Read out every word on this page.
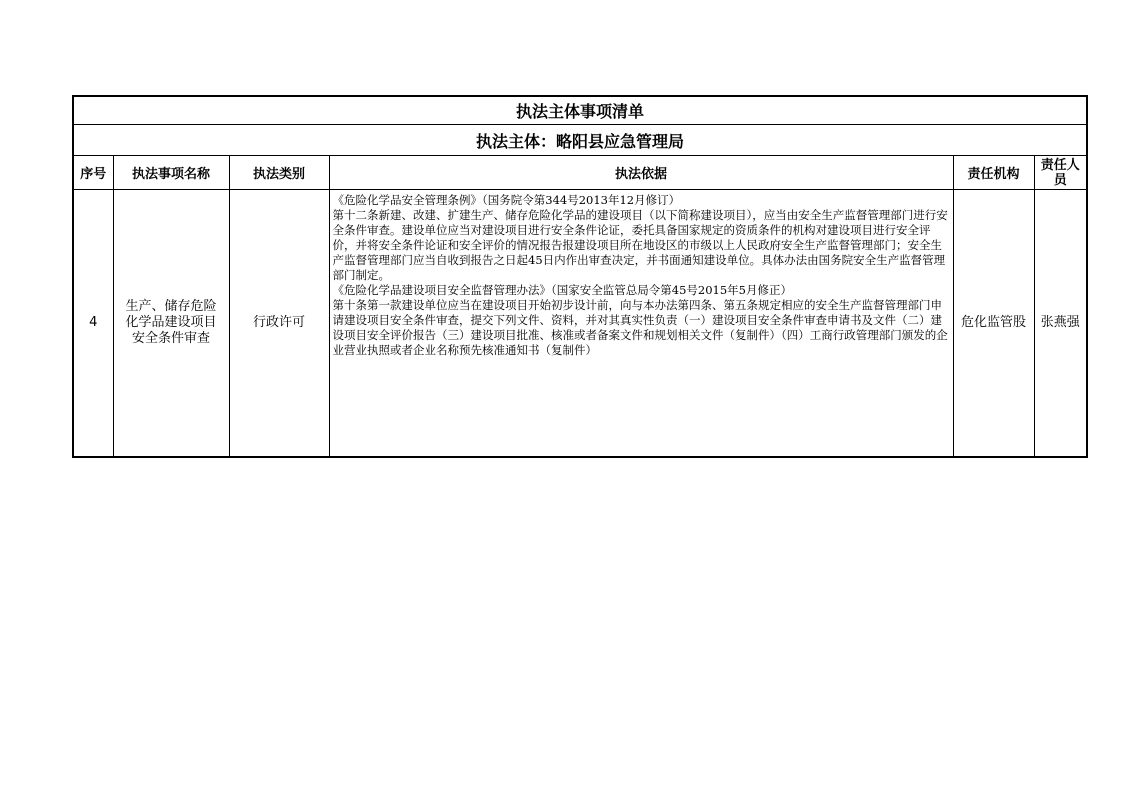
执法主体事项清单					
执法主体：略阳县应急管理局					
序号	执法事项名称	执法类别	执法依据	责任机构	责任人员
4	生产、储存危险化学品建设项目安全条件审查	行政许可	《危险化学品安全管理条例》（国务院令第344号2013年12月修订）

第十二条新建、改建、扩建生产、储存危险化学品的建设项目（以下简称建设项目），应当由安全生产监督管理部门进行安全条件审查。建设单位应当对建设项目进行安全条件论证，委托具备国家规定的资质条件的机构对建设项目进行安全评价，并将安全条件论证和安全评价的情况报告报建设项目所在地设区的市级以上人民政府安全生产监督管理部门；安全生产监督管理部门应当自收到报告之日起45日内作出审查决定，并书面通知建设单位。具体办法由国务院安全生产监督管理部门制定。

《危险化学品建设项目安全监督管理办法》（国家安全监管总局令第45号2015年5月修正）

第十条第一款建设单位应当在建设项目开始初步设计前，向与本办法第四条、第五条规定相应的安全生产监督管理部门申请建设项目安全条件审查，提交下列文件、资料，并对其真实性负责（一）建设项目安全条件审查申请书及文件（二）建设项目安全评价报告（三）建设项目批准、核准或者备案文件和规划相关文件（复制件）（四）工商行政管理部门颁发的企业营业执照或者企业名称预先核准通知书（复制件）	危化监管股	张燕强
